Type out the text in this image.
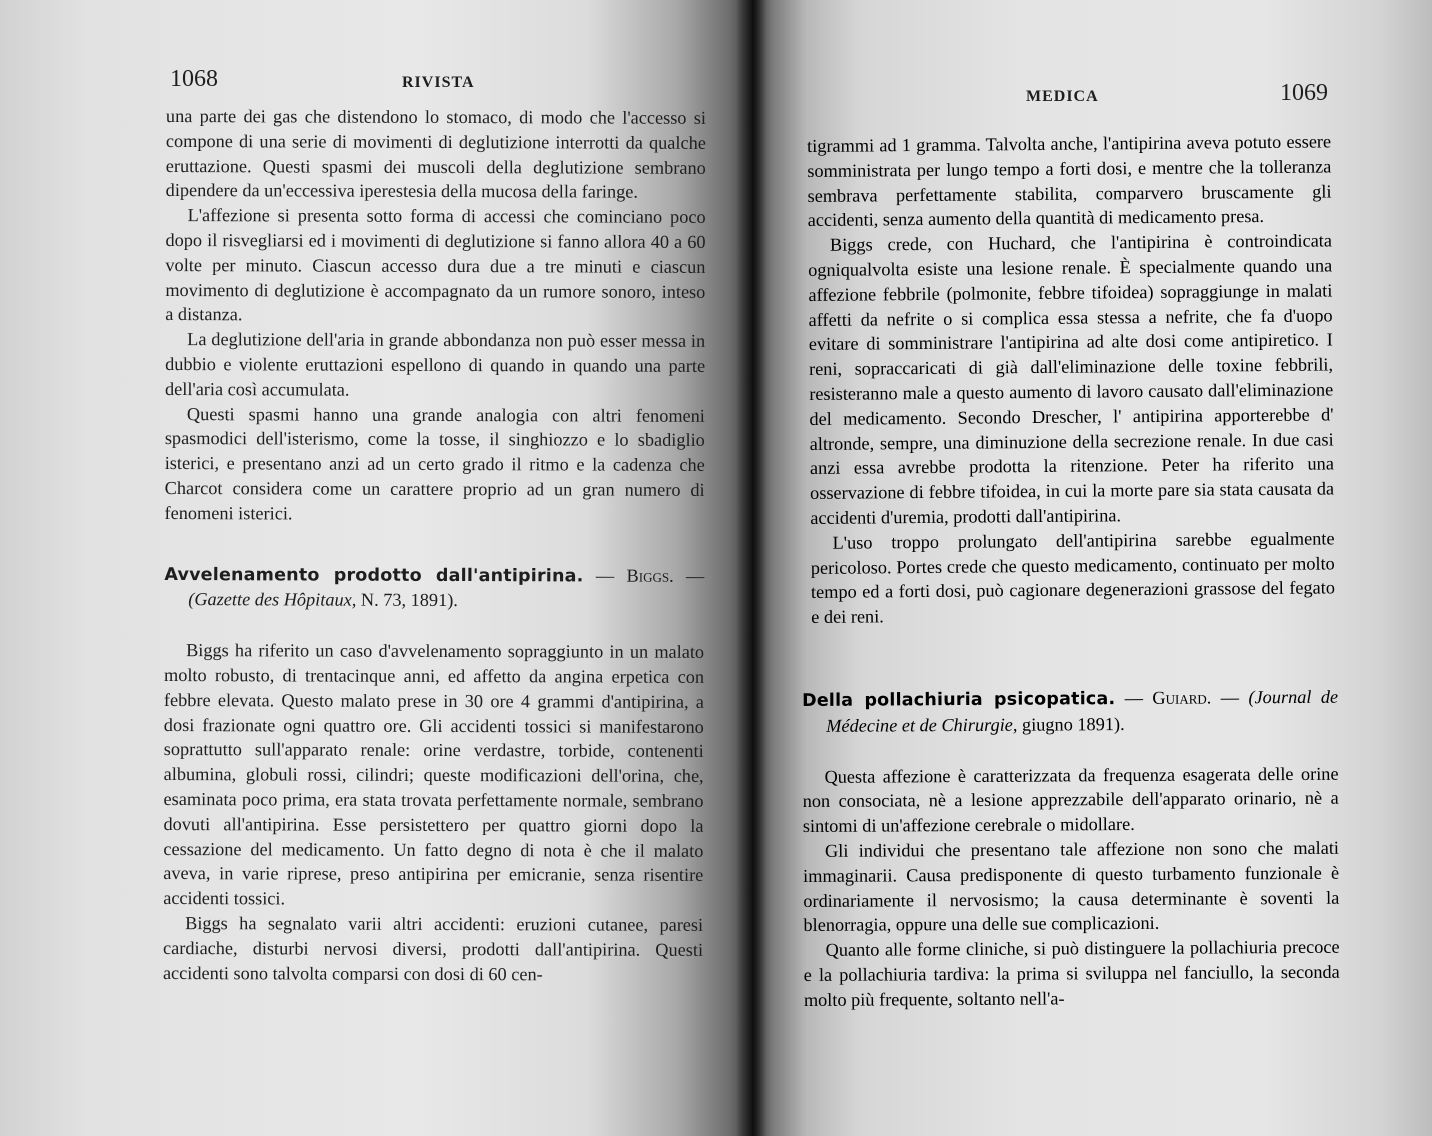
1068	RIVISTA

una parte dei gas che distendono lo stomaco, di modo che l'accesso si compone di una serie di movimenti di deglutizione interrotti da qualche eruttazione. Questi spasmi dei muscoli della deglutizione sembrano dipendere da un'eccessiva iperestesia della mucosa della faringe.

L'affezione si presenta sotto forma di accessi che cominciano poco dopo il risvegliarsi ed i movimenti di deglutizione si fanno allora 40 a 60 volte per minuto. Ciascun accesso dura due a tre minuti e ciascun movimento di deglutizione è accompagnato da un rumore sonoro, inteso a distanza.

La deglutizione dell'aria in grande abbondanza non può esser messa in dubbio e violente eruttazioni espellono di quando in quando una parte dell'aria così accumulata.

Questi spasmi hanno una grande analogia con altri fenomeni spasmodici dell'isterismo, come la tosse, il singhiozzo e lo sbadiglio isterici, e presentano anzi ad un certo grado il ritmo e la cadenza che Charcot considera come un carattere proprio ad un gran numero di fenomeni isterici.

Avvelenamento prodotto dall'antipirina. — Biggs. — (Gazette des Hôpitaux, N. 73, 1891).

Biggs ha riferito un caso d'avvelenamento sopraggiunto in un malato molto robusto, di trentacinque anni, ed affetto da angina erpetica con febbre elevata. Questo malato prese in 30 ore 4 grammi d'antipirina, a dosi frazionate ogni quattro ore. Gli accidenti tossici si manifestarono soprattutto sull'apparato renale: orine verdastre, torbide, contenenti albumina, globuli rossi, cilindri; queste modificazioni dell'orina, che, esaminata poco prima, era stata trovata perfettamente normale, sembrano dovuti all'antipirina. Esse persistettero per quattro giorni dopo la cessazione del medicamento. Un fatto degno di nota è che il malato aveva, in varie riprese, preso antipirina per emicranie, senza risentire accidenti tossici.

Biggs ha segnalato varii altri accidenti: eruzioni cutanee, paresi cardiache, disturbi nervosi diversi, prodotti dall'antipirina. Questi accidenti sono talvolta comparsi con dosi di 60 cen-

MEDICA	1069

tigrammi ad 1 gramma. Talvolta anche, l'antipirina aveva potuto essere somministrata per lungo tempo a forti dosi, e mentre che la tolleranza sembrava perfettamente stabilita, comparvero bruscamente gli accidenti, senza aumento della quantità di medicamento presa.

Biggs crede, con Huchard, che l'antipirina è controindicata ogniqualvolta esiste una lesione renale. È specialmente quando una affezione febbrile (polmonite, febbre tifoidea) sopraggiunge in malati affetti da nefrite o si complica essa stessa a nefrite, che fa d'uopo evitare di somministrare l'antipirina ad alte dosi come antipiretico. I reni, sopraccaricati di già dall'eliminazione delle toxine febbrili, resisteranno male a questo aumento di lavoro causato dall'eliminazione del medicamento. Secondo Drescher, l' antipirina apporterebbe d' altronde, sempre, una diminuzione della secrezione renale. In due casi anzi essa avrebbe prodotta la ritenzione. Peter ha riferito una osservazione di febbre tifoidea, in cui la morte pare sia stata causata da accidenti d'uremia, prodotti dall'antipirina.

L'uso troppo prolungato dell'antipirina sarebbe egualmente pericoloso. Portes crede che questo medicamento, continuato per molto tempo ed a forti dosi, può cagionare degenerazioni grassose del fegato e dei reni.

Della pollachiuria psicopatica. — Guiard. — (Journal de Médecine et de Chirurgie, giugno 1891).

Questa affezione è caratterizzata da frequenza esagerata delle orine non consociata, nè a lesione apprezzabile dell'apparato orinario, nè a sintomi di un'affezione cerebrale o midollare.

Gli individui che presentano tale affezione non sono che malati immaginarii. Causa predisponente di questo turbamento funzionale è ordinariamente il nervosismo; la causa determinante è soventi la blenorragia, oppure una delle sue complicazioni.

Quanto alle forme cliniche, si può distinguere la pollachiuria precoce e la pollachiuria tardiva: la prima si sviluppa nel fanciullo, la seconda molto più frequente, soltanto nell'a-
